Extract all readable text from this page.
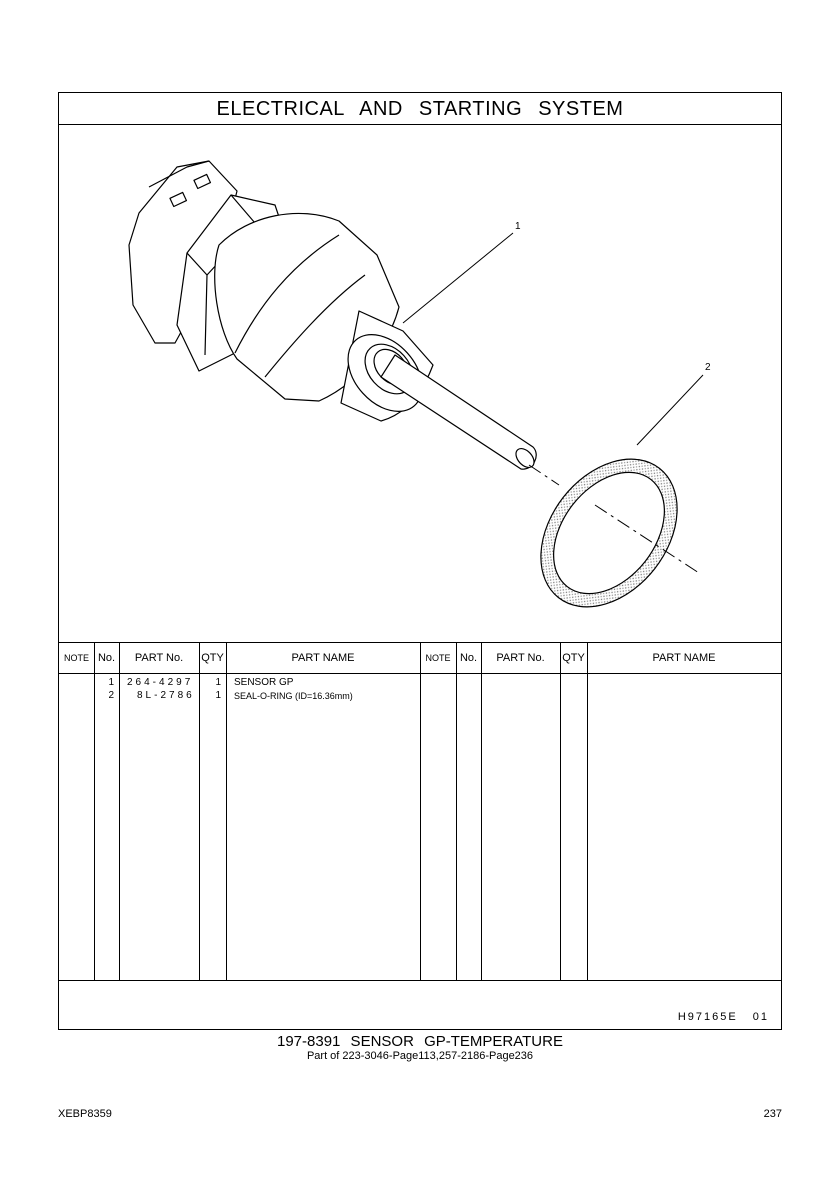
ELECTRICAL AND STARTING SYSTEM
1
2
NOTE No.	PART No.	QTY	PART NAME	NOTE No.	PART No.	QTY	PART NAME
1 264-4297	1 SENSOR GP
2 8L-2786	1 SEAL-O-RING (ID=16.36mm)
H97165E 01
197-8391 SENSOR GP-TEMPERATURE
Part of 223-3046-Page113,257-2186-Page236
XEBP8359	237
